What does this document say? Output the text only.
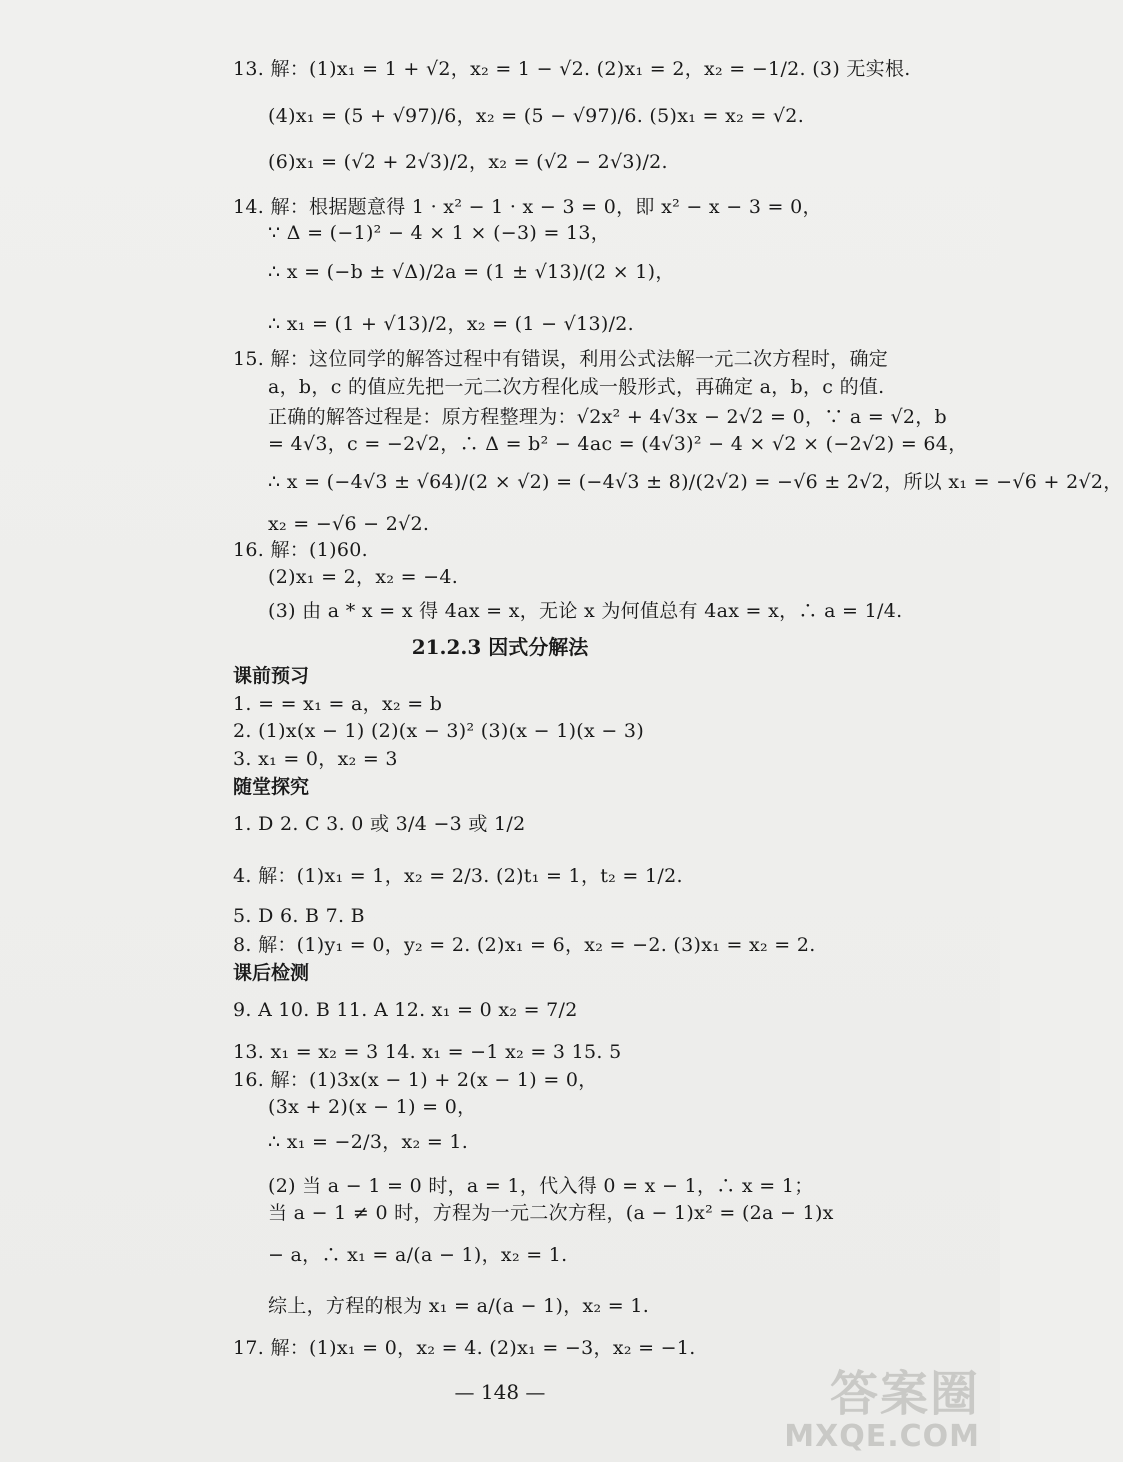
13. 解：(1)x₁ = 1 + √2，x₂ = 1 − √2. (2)x₁ = 2，x₂ = −1/2. (3) 无实根.
(4)x₁ = (5 + √97)/6，x₂ = (5 − √97)/6. (5)x₁ = x₂ = √2.
(6)x₁ = (√2 + 2√3)/2，x₂ = (√2 − 2√3)/2.
14. 解：根据题意得 1 · x² − 1 · x − 3 = 0，即 x² − x − 3 = 0，
∵ Δ = (−1)² − 4 × 1 × (−3) = 13，
∴ x = (−b ± √Δ)/2a = (1 ± √13)/(2 × 1)，
∴ x₁ = (1 + √13)/2，x₂ = (1 − √13)/2.
15. 解：这位同学的解答过程中有错误，利用公式法解一元二次方程时，确定
a，b，c 的值应先把一元二次方程化成一般形式，再确定 a，b，c 的值.
正确的解答过程是：原方程整理为：√2x² + 4√3x − 2√2 = 0，∵ a = √2，b
= 4√3，c = −2√2，∴ Δ = b² − 4ac = (4√3)² − 4 × √2 × (−2√2) = 64，
∴ x = (−4√3 ± √64)/(2 × √2) = (−4√3 ± 8)/(2√2) = −√6 ± 2√2，所以 x₁ = −√6 + 2√2，
x₂ = −√6 − 2√2.
16. 解：(1)60.
(2)x₁ = 2，x₂ = −4.
(3) 由 a * x = x 得 4ax = x，无论 x 为何值总有 4ax = x，∴ a = 1/4.
21.2.3 因式分解法
课前预习
1. = = x₁ = a，x₂ = b
2. (1)x(x − 1) (2)(x − 3)² (3)(x − 1)(x − 3)
3. x₁ = 0，x₂ = 3
随堂探究
1. D 2. C 3. 0 或 3/4 −3 或 1/2
4. 解：(1)x₁ = 1，x₂ = 2/3. (2)t₁ = 1，t₂ = 1/2.
5. D 6. B 7. B
8. 解：(1)y₁ = 0，y₂ = 2. (2)x₁ = 6，x₂ = −2. (3)x₁ = x₂ = 2.
课后检测
9. A 10. B 11. A 12. x₁ = 0 x₂ = 7/2
13. x₁ = x₂ = 3 14. x₁ = −1 x₂ = 3 15. 5
16. 解：(1)3x(x − 1) + 2(x − 1) = 0，
(3x + 2)(x − 1) = 0，
∴ x₁ = −2/3，x₂ = 1.
(2) 当 a − 1 = 0 时，a = 1，代入得 0 = x − 1，∴ x = 1；
当 a − 1 ≠ 0 时，方程为一元二次方程，(a − 1)x² = (2a − 1)x
− a，∴ x₁ = a/(a − 1)，x₂ = 1.
综上，方程的根为 x₁ = a/(a − 1)，x₂ = 1.
17. 解：(1)x₁ = 0，x₂ = 4. (2)x₁ = −3，x₂ = −1.
— 148 —	答案圈
MXQE.COM
